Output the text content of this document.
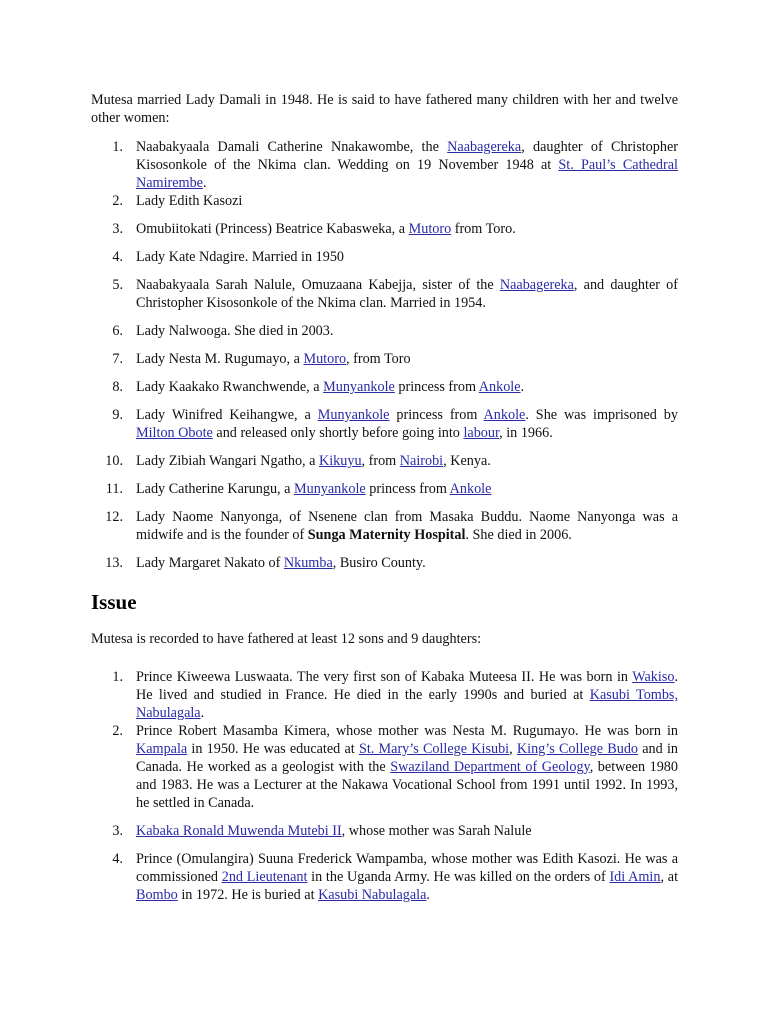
Mutesa married Lady Damali in 1948. He is said to have fathered many children with her and twelve other women:

1. Naabakyaala Damali Catherine Nnakawombe, the Naabagereka, daughter of Christopher Kisosonkole of the Nkima clan. Wedding on 19 November 1948 at St. Paul’s Cathedral Namirembe.
2. Lady Edith Kasozi
3. Omubiitokati (Princess) Beatrice Kabasweka, a Mutoro from Toro.
4. Lady Kate Ndagire. Married in 1950
5. Naabakyaala Sarah Nalule, Omuzaana Kabejja, sister of the Naabagereka, and daughter of Christopher Kisosonkole of the Nkima clan. Married in 1954.
6. Lady Nalwooga. She died in 2003.
7. Lady Nesta M. Rugumayo, a Mutoro, from Toro
8. Lady Kaakako Rwanchwende, a Munyankole princess from Ankole.
9. Lady Winifred Keihangwe, a Munyankole princess from Ankole. She was imprisoned by Milton Obote and released only shortly before going into labour, in 1966.
10. Lady Zibiah Wangari Ngatho, a Kikuyu, from Nairobi, Kenya.
11. Lady Catherine Karungu, a Munyankole princess from Ankole
12. Lady Naome Nanyonga, of Nsenene clan from Masaka Buddu. Naome Nanyonga was a midwife and is the founder of Sunga Maternity Hospital. She died in 2006.
13. Lady Margaret Nakato of Nkumba, Busiro County.
Issue

Mutesa is recorded to have fathered at least 12 sons and 9 daughters:

1. Prince Kiweewa Luswaata. The very first son of Kabaka Muteesa II. He was born in Wakiso. He lived and studied in France. He died in the early 1990s and buried at Kasubi Tombs, Nabulagala.
2. Prince Robert Masamba Kimera, whose mother was Nesta M. Rugumayo. He was born in Kampala in 1950. He was educated at St. Mary’s College Kisubi, King’s College Budo and in Canada. He worked as a geologist with the Swaziland Department of Geology, between 1980 and 1983. He was a Lecturer at the Nakawa Vocational School from 1991 until 1992. In 1993, he settled in Canada.
3. Kabaka Ronald Muwenda Mutebi II, whose mother was Sarah Nalule
4. Prince (Omulangira) Suuna Frederick Wampamba, whose mother was Edith Kasozi. He was a commissioned 2nd Lieutenant in the Uganda Army. He was killed on the orders of Idi Amin, at Bombo in 1972. He is buried at Kasubi Nabulagala.
